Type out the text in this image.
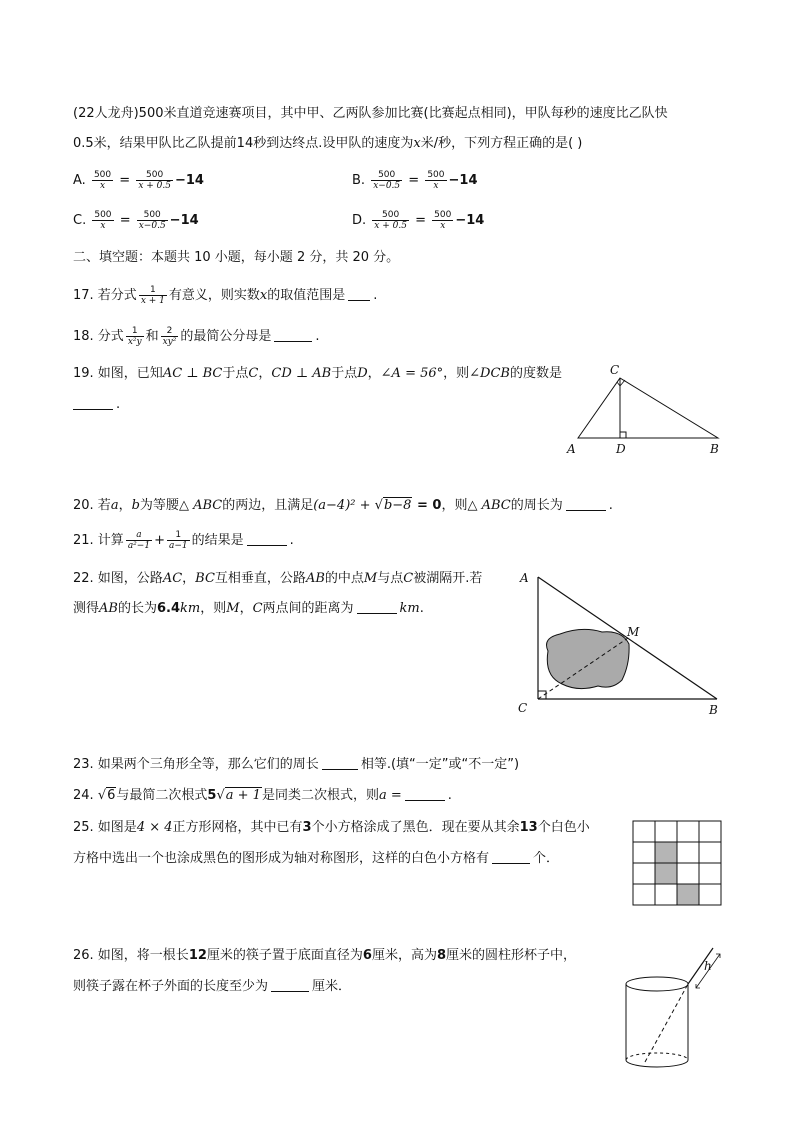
(22人龙舟)500米直道竞速赛项目，其中甲、乙两队参加比赛(比赛起点相同)，甲队每秒的速度比乙队快
0.5米，结果甲队比乙队提前14秒到达终点.设甲队的速度为x米/秒，下列方程正确的是( )
A. $\frac{500}{x} = \frac{500}{x + 0.5} -14$	B. $\frac{500}{x-0.5} = \frac{500}{x} -14$
C. $\frac{500}{x} = \frac{500}{x-0.5} -14$	D. $\frac{500}{x + 0.5} = \frac{500}{x} -14$
二、填空题：本题共 10 小题，每小题 2 分，共 20 分。
17. 若分式 $\frac{1}{x + 1}$ 有意义，则实数x的取值范围是 .
18. 分式 $\frac{1}{\text{x²y}}$ 和 $\frac{2}{\text{xy²}}$ 的最简公分母是	.
19. 如图，已知AC ⊥ BC于点C，CD ⊥ AB于点D，∠A = 56°，则∠DCB的度数是
.
C
A	D	B
20. 若a，b为等腰△ ABC的两边，且满足(a−4)² + √b−8 = 0，则△ ABC的周长为	.
21. 计算 $\frac{a}{\text{a²−1}} + \frac{1}{a-1}$ 的结果是	.
22. 如图，公路AC，BC互相垂直，公路AB的中点M与点C被湖隔开.若
测得AB的长为6.4km，则M，C两点间的距离为	km.
A
M
C	B
23. 如果两个三角形全等，那么它们的周长	相等.(填“一定”或“不一定”)
24. √6与最简二次根式5√a + 1是同类二次根式，则a =	.
25. 如图是4 × 4正方形网格，其中已有3个小方格涂成了黑色．现在要从其余13个白色小
方格中选出一个也涂成黑色的图形成为轴对称图形，这样的白色小方格有	个．
26. 如图，将一根长12厘米的筷子置于底面直径为6厘米，高为8厘米的圆柱形杯子中，
则筷子露在杯子外面的长度至少为	厘米．
h
